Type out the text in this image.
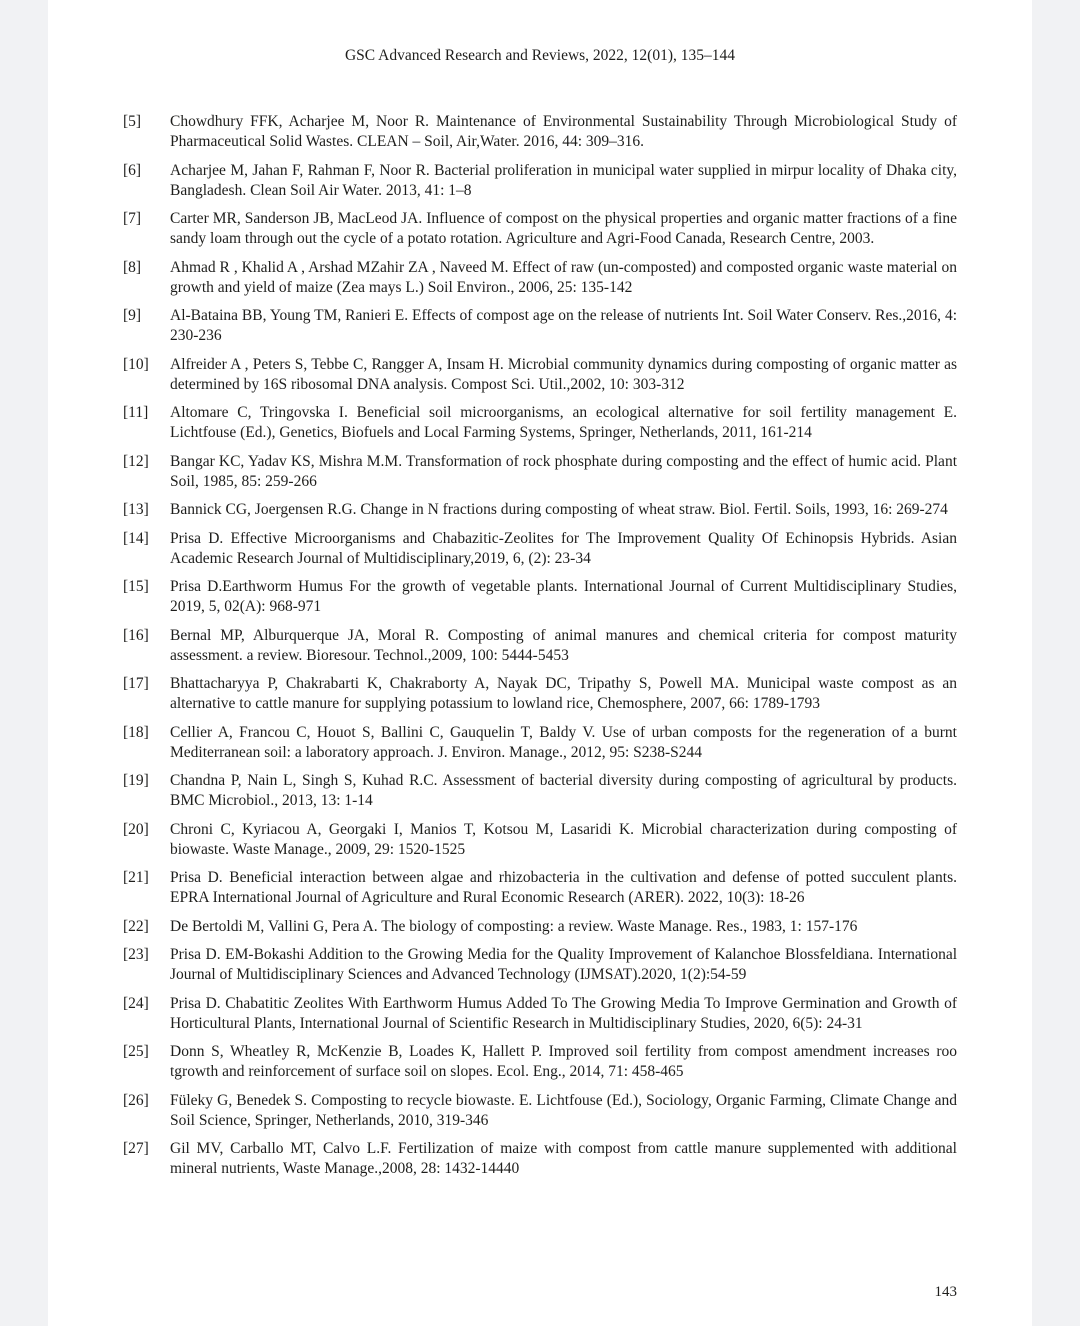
GSC Advanced Research and Reviews, 2022, 12(01), 135–144
[5]	Chowdhury FFK, Acharjee M, Noor R. Maintenance of Environmental Sustainability Through Microbiological Study of Pharmaceutical Solid Wastes. CLEAN – Soil, Air,Water. 2016, 44: 309–316.
[6]	Acharjee M, Jahan F, Rahman F, Noor R. Bacterial proliferation in municipal water supplied in mirpur locality of Dhaka city, Bangladesh. Clean Soil Air Water. 2013, 41: 1–8
[7]	Carter MR, Sanderson JB, MacLeod JA. Influence of compost on the physical properties and organic matter fractions of a fine sandy loam through out the cycle of a potato rotation. Agriculture and Agri-Food Canada, Research Centre, 2003.
[8]	Ahmad R , Khalid A , Arshad MZahir ZA , Naveed M. Effect of raw (un-composted) and composted organic waste material on growth and yield of maize (Zea mays L.) Soil Environ., 2006, 25: 135-142
[9]	Al-Bataina BB, Young TM, Ranieri E. Effects of compost age on the release of nutrients Int. Soil Water Conserv. Res.,2016, 4: 230-236
[10]	Alfreider A , Peters S, Tebbe C, Rangger A, Insam H. Microbial community dynamics during composting of organic matter as determined by 16S ribosomal DNA analysis. Compost Sci. Util.,2002, 10: 303-312
[11]	Altomare C, Tringovska I. Beneficial soil microorganisms, an ecological alternative for soil fertility management E. Lichtfouse (Ed.), Genetics, Biofuels and Local Farming Systems, Springer, Netherlands, 2011, 161-214
[12]	Bangar KC, Yadav KS, Mishra M.M. Transformation of rock phosphate during composting and the effect of humic acid. Plant Soil, 1985, 85: 259-266
[13]	Bannick CG, Joergensen R.G. Change in N fractions during composting of wheat straw. Biol. Fertil. Soils, 1993, 16: 269-274
[14]	Prisa D. Effective Microorganisms and Chabazitic-Zeolites for The Improvement Quality Of Echinopsis Hybrids. Asian Academic Research Journal of Multidisciplinary,2019, 6, (2): 23-34
[15]	Prisa D.Earthworm Humus For the growth of vegetable plants. International Journal of Current Multidisciplinary Studies, 2019, 5, 02(A): 968-971
[16]	Bernal MP, Alburquerque JA, Moral R. Composting of animal manures and chemical criteria for compost maturity assessment. a review. Bioresour. Technol.,2009, 100: 5444-5453
[17]	Bhattacharyya P, Chakrabarti K, Chakraborty A, Nayak DC, Tripathy S, Powell MA. Municipal waste compost as an alternative to cattle manure for supplying potassium to lowland rice, Chemosphere, 2007, 66: 1789-1793
[18]	Cellier A, Francou C, Houot S, Ballini C, Gauquelin T, Baldy V. Use of urban composts for the regeneration of a burnt Mediterranean soil: a laboratory approach. J. Environ. Manage., 2012, 95: S238-S244
[19]	Chandna P, Nain L, Singh S, Kuhad R.C. Assessment of bacterial diversity during composting of agricultural by products. BMC Microbiol., 2013, 13: 1-14
[20]	Chroni C, Kyriacou A, Georgaki I, Manios T, Kotsou M, Lasaridi K. Microbial characterization during composting of biowaste. Waste Manage., 2009, 29: 1520-1525
[21]	Prisa D. Beneficial interaction between algae and rhizobacteria in the cultivation and defense of potted succulent plants. EPRA International Journal of Agriculture and Rural Economic Research (ARER). 2022, 10(3): 18-26
[22]	De Bertoldi M, Vallini G, Pera A. The biology of composting: a review. Waste Manage. Res., 1983, 1: 157-176
[23]	Prisa D. EM-Bokashi Addition to the Growing Media for the Quality Improvement of Kalanchoe Blossfeldiana. International Journal of Multidisciplinary Sciences and Advanced Technology (IJMSAT).2020, 1(2):54-59
[24]	Prisa D. Chabatitic Zeolites With Earthworm Humus Added To The Growing Media To Improve Germination and Growth of Horticultural Plants, International Journal of Scientific Research in Multidisciplinary Studies, 2020, 6(5): 24-31
[25]	Donn S, Wheatley R, McKenzie B, Loades K, Hallett P. Improved soil fertility from compost amendment increases roo tgrowth and reinforcement of surface soil on slopes. Ecol. Eng., 2014, 71: 458-465
[26]	Füleky G, Benedek S. Composting to recycle biowaste. E. Lichtfouse (Ed.), Sociology, Organic Farming, Climate Change and Soil Science, Springer, Netherlands, 2010, 319-346
[27]	Gil MV, Carballo MT, Calvo L.F. Fertilization of maize with compost from cattle manure supplemented with additional mineral nutrients, Waste Manage.,2008, 28: 1432-14440
143
